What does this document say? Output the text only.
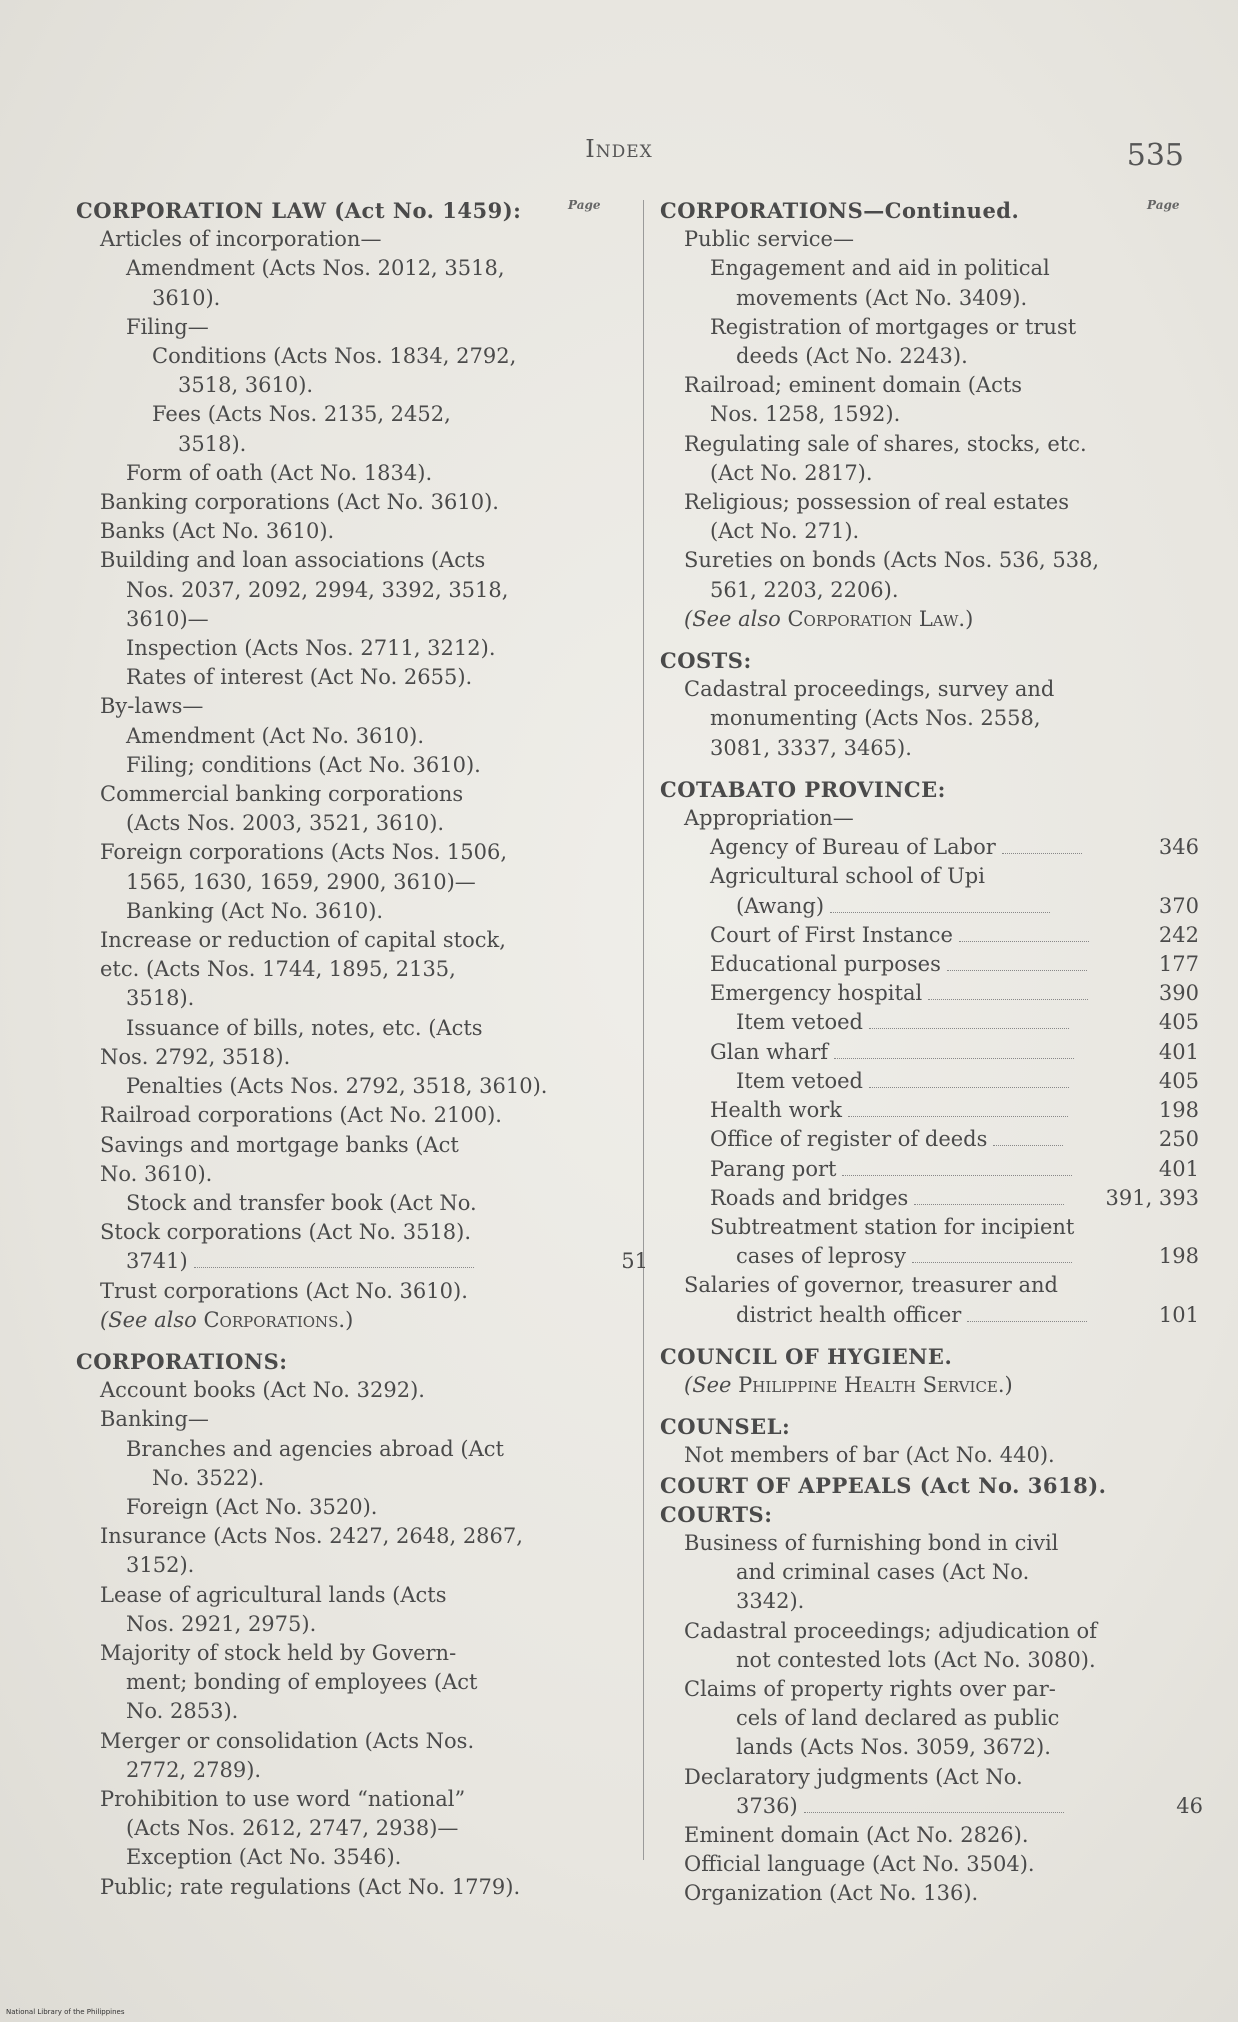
Index	535
Page	Page
CORPORATION LAW (Act No. 1459):
Articles of incorporation—
Amendment (Acts Nos. 2012, 3518,
3610).
Filing—
Conditions (Acts Nos. 1834, 2792,
3518, 3610).
Fees (Acts Nos. 2135, 2452,
3518).
Form of oath (Act No. 1834).
Banking corporations (Act No. 3610).
Banks (Act No. 3610).
Building and loan associations (Acts
Nos. 2037, 2092, 2994, 3392, 3518,
3610)—
Inspection (Acts Nos. 2711, 3212).
Rates of interest (Act No. 2655).
By-laws—
Amendment (Act No. 3610).
Filing; conditions (Act No. 3610).
Commercial banking corporations
(Acts Nos. 2003, 3521, 3610).
Foreign corporations (Acts Nos. 1506,
1565, 1630, 1659, 2900, 3610)—
Banking (Act No. 3610).
Increase or reduction of capital stock,
etc. (Acts Nos. 1744, 1895, 2135,
3518).
Issuance of bills, notes, etc. (Acts
Nos. 2792, 3518).
Penalties (Acts Nos. 2792, 3518, 3610).
Railroad corporations (Act No. 2100).
Savings and mortgage banks (Act
No. 3610).
Stock and transfer book (Act No.
Stock corporations (Act No. 3518).
3741)	51
Trust corporations (Act No. 3610).
(See also Corporations.)
CORPORATIONS:
Account books (Act No. 3292).
Banking—
Branches and agencies abroad (Act
No. 3522).
Foreign (Act No. 3520).
Insurance (Acts Nos. 2427, 2648, 2867,
3152).
Lease of agricultural lands (Acts
Nos. 2921, 2975).
Majority of stock held by Govern-
ment; bonding of employees (Act
No. 2853).
Merger or consolidation (Acts Nos.
2772, 2789).
Prohibition to use word “national”
(Acts Nos. 2612, 2747, 2938)—
Exception (Act No. 3546).
Public; rate regulations (Act No. 1779).
CORPORATIONS—Continued.
Public service—
Engagement and aid in political
movements (Act No. 3409).
Registration of mortgages or trust
deeds (Act No. 2243).
Railroad; eminent domain (Acts
Nos. 1258, 1592).
Regulating sale of shares, stocks, etc.
(Act No. 2817).
Religious; possession of real estates
(Act No. 271).
Sureties on bonds (Acts Nos. 536, 538,
561, 2203, 2206).
(See also Corporation Law.)
COSTS:
Cadastral proceedings, survey and
monumenting (Acts Nos. 2558,
3081, 3337, 3465).
COTABATO PROVINCE:
Appropriation—
Agency of Bureau of Labor	346
Agricultural school of Upi
(Awang)	370
Court of First Instance	242
Educational purposes	177
Emergency hospital	390
Item vetoed	405
Glan wharf	401
Item vetoed	405
Health work	198
Office of register of deeds	250
Parang port	401
Roads and bridges	391, 393
Subtreatment station for incipient
cases of leprosy	198
Salaries of governor, treasurer and
district health officer	101
COUNCIL OF HYGIENE.
(See Philippine Health Service.)
COUNSEL:
Not members of bar (Act No. 440).
COURT OF APPEALS (Act No. 3618).
COURTS:
Business of furnishing bond in civil
and criminal cases (Act No.
3342).
Cadastral proceedings; adjudication of
not contested lots (Act No. 3080).
Claims of property rights over par-
cels of land declared as public
lands (Acts Nos. 3059, 3672).
Declaratory judgments (Act No.
3736)	46
Eminent domain (Act No. 2826).
Official language (Act No. 3504).
Organization (Act No. 136).
National Library of the Philippines
